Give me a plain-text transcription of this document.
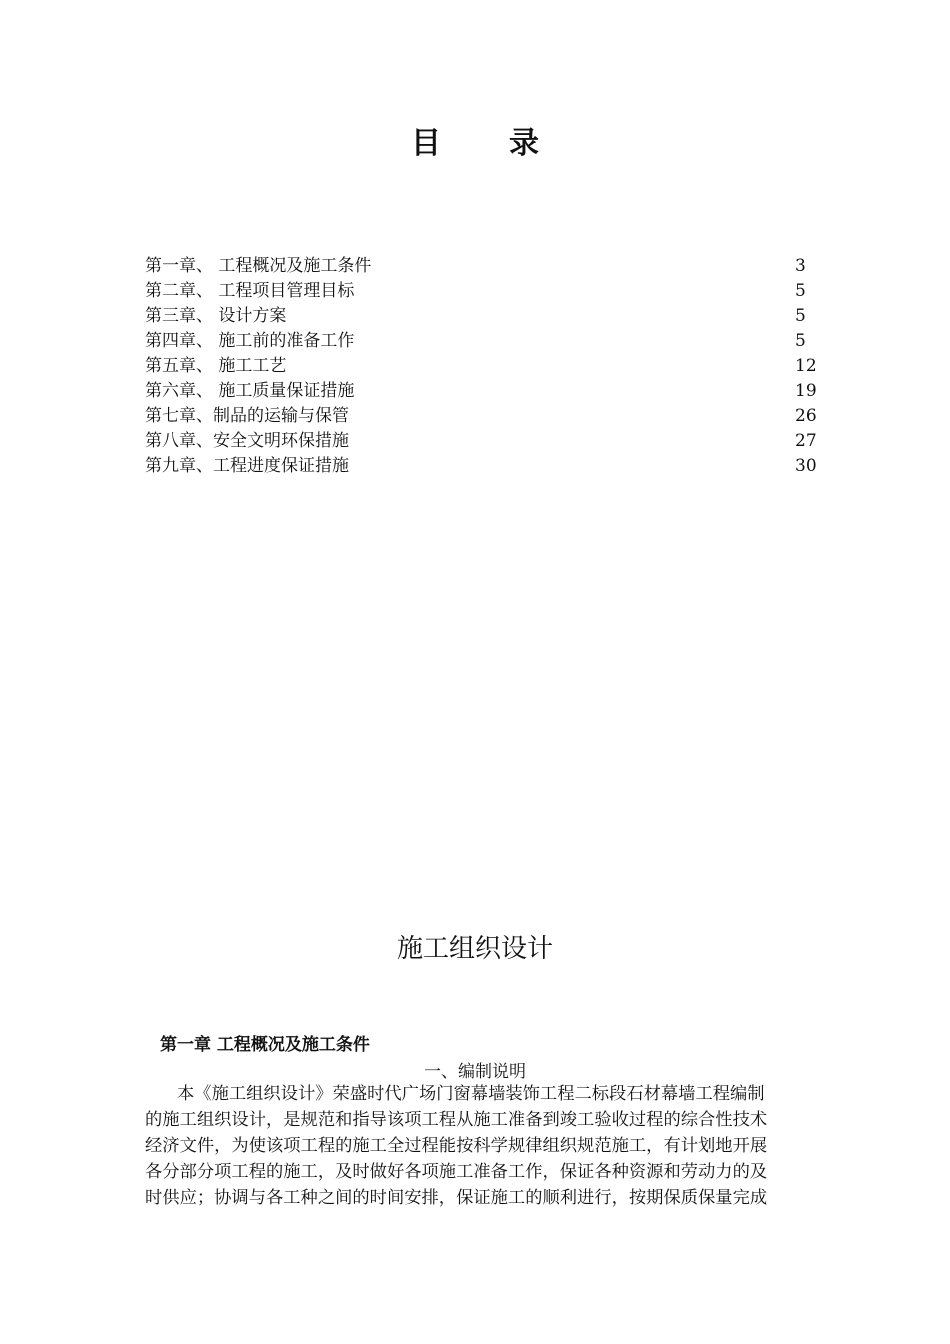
目 录
第一章、 工程概况及施工条件	3
第二章、 工程项目管理目标	5
第三章、 设计方案	5
第四章、 施工前的准备工作	5
第五章、 施工工艺	12
第六章、 施工质量保证措施	19
第七章、制品的运输与保管	26
第八章、安全文明环保措施	27
第九章、工程进度保证措施	30
施工组织设计
第一章 工程概况及施工条件
一、编制说明
本《施工组织设计》荣盛时代广场门窗幕墙装饰工程二标段石材幕墙工程编制
的施工组织设计，是规范和指导该项工程从施工准备到竣工验收过程的综合性技术
经济文件，为使该项工程的施工全过程能按科学规律组织规范施工，有计划地开展
各分部分项工程的施工，及时做好各项施工准备工作，保证各种资源和劳动力的及
时供应；协调与各工种之间的时间安排，保证施工的顺利进行，按期保质保量完成
